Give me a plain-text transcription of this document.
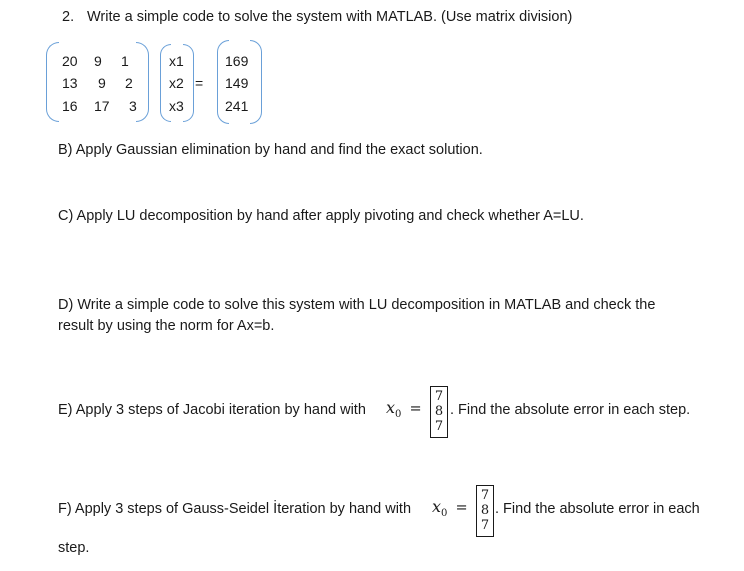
2. Write a simple code to solve the system with MATLAB. (Use matrix division)
20 9 1
13 9 2
16 17 3
x1
x2
x3
=
169
149
241
B) Apply Gaussian elimination by hand and find the exact solution.
C) Apply LU decomposition by hand after apply pivoting and check whether A=LU.
D) Write a simple code to solve this system with LU decomposition in MATLAB and check the
result by using the norm for Ax=b.
E) Apply 3 steps of Jacobi iteration by hand with $x_0$ =
7
8
7
. Find the absolute error in each step.
F) Apply 3 steps of Gauss-Seidel İteration by hand with $x_0$ =
7
8
7
. Find the absolute error in each
step.
